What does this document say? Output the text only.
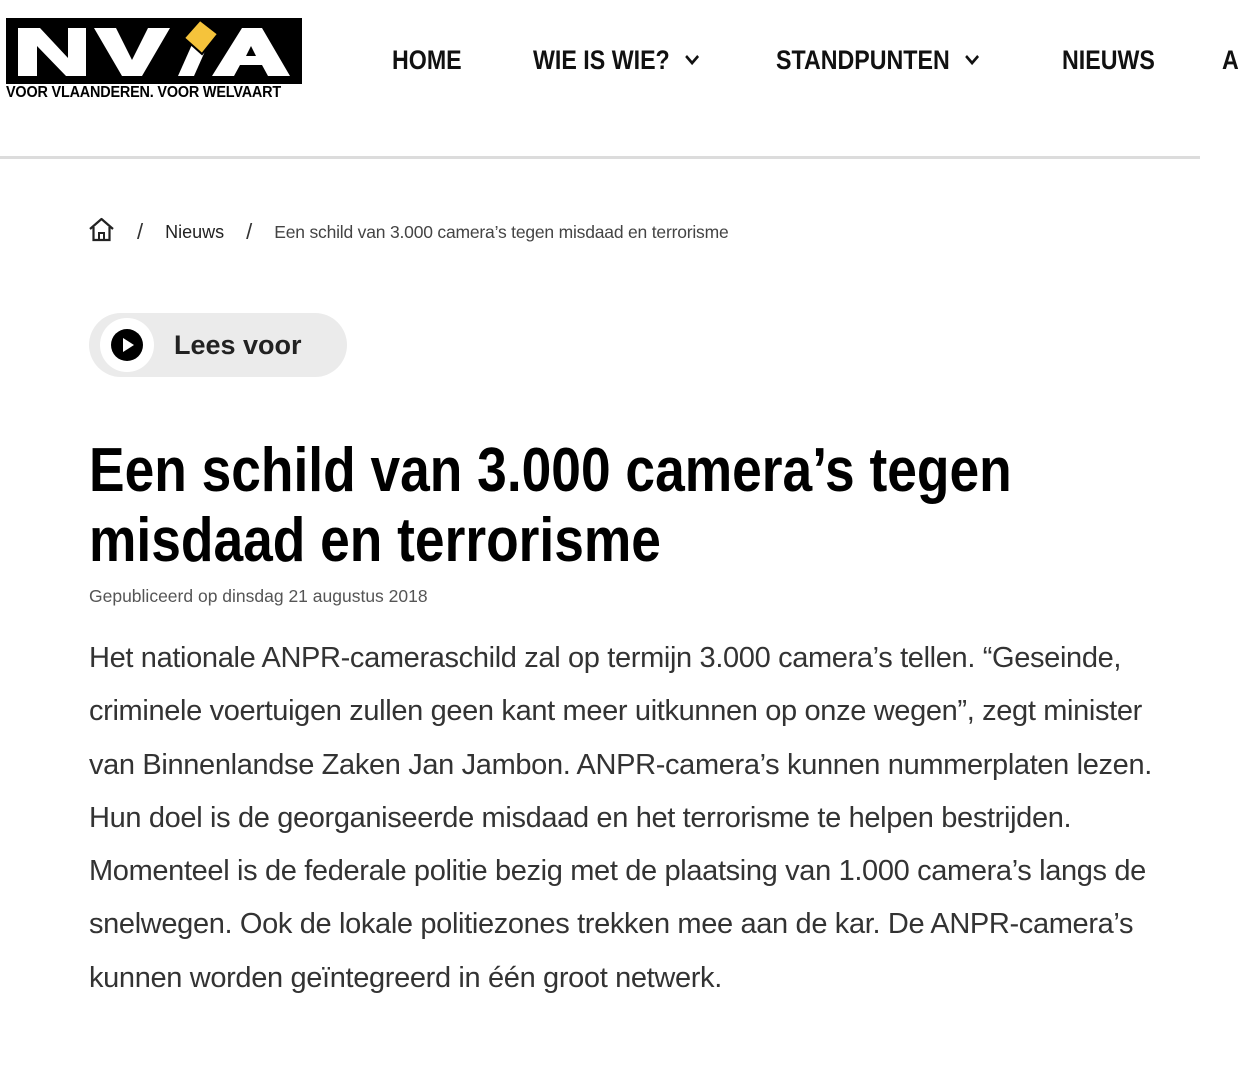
VOOR VLAANDEREN. VOOR WELVAART
HOME	WIE IS WIE?	STANDPUNTEN	NIEUWS A
/ Nieuws / Een schild van 3.000 camera’s tegen misdaad en terrorisme
Lees voor
Een schild van 3.000 camera’s tegen misdaad en terrorisme
Gepubliceerd op dinsdag 21 augustus 2018

Het nationale ANPR-cameraschild zal op termijn 3.000 camera’s tellen. “Geseinde, criminele voertuigen zullen geen kant meer uitkunnen op onze wegen”, zegt minister van Binnenlandse Zaken Jan Jambon. ANPR-camera’s kunnen nummerplaten lezen. Hun doel is de georganiseerde misdaad en het terrorisme te helpen bestrijden. Momenteel is de federale politie bezig met de plaatsing van 1.000 camera’s langs de snelwegen. Ook de lokale politiezones trekken mee aan de kar. De ANPR-camera’s kunnen worden geïntegreerd in één groot netwerk.
